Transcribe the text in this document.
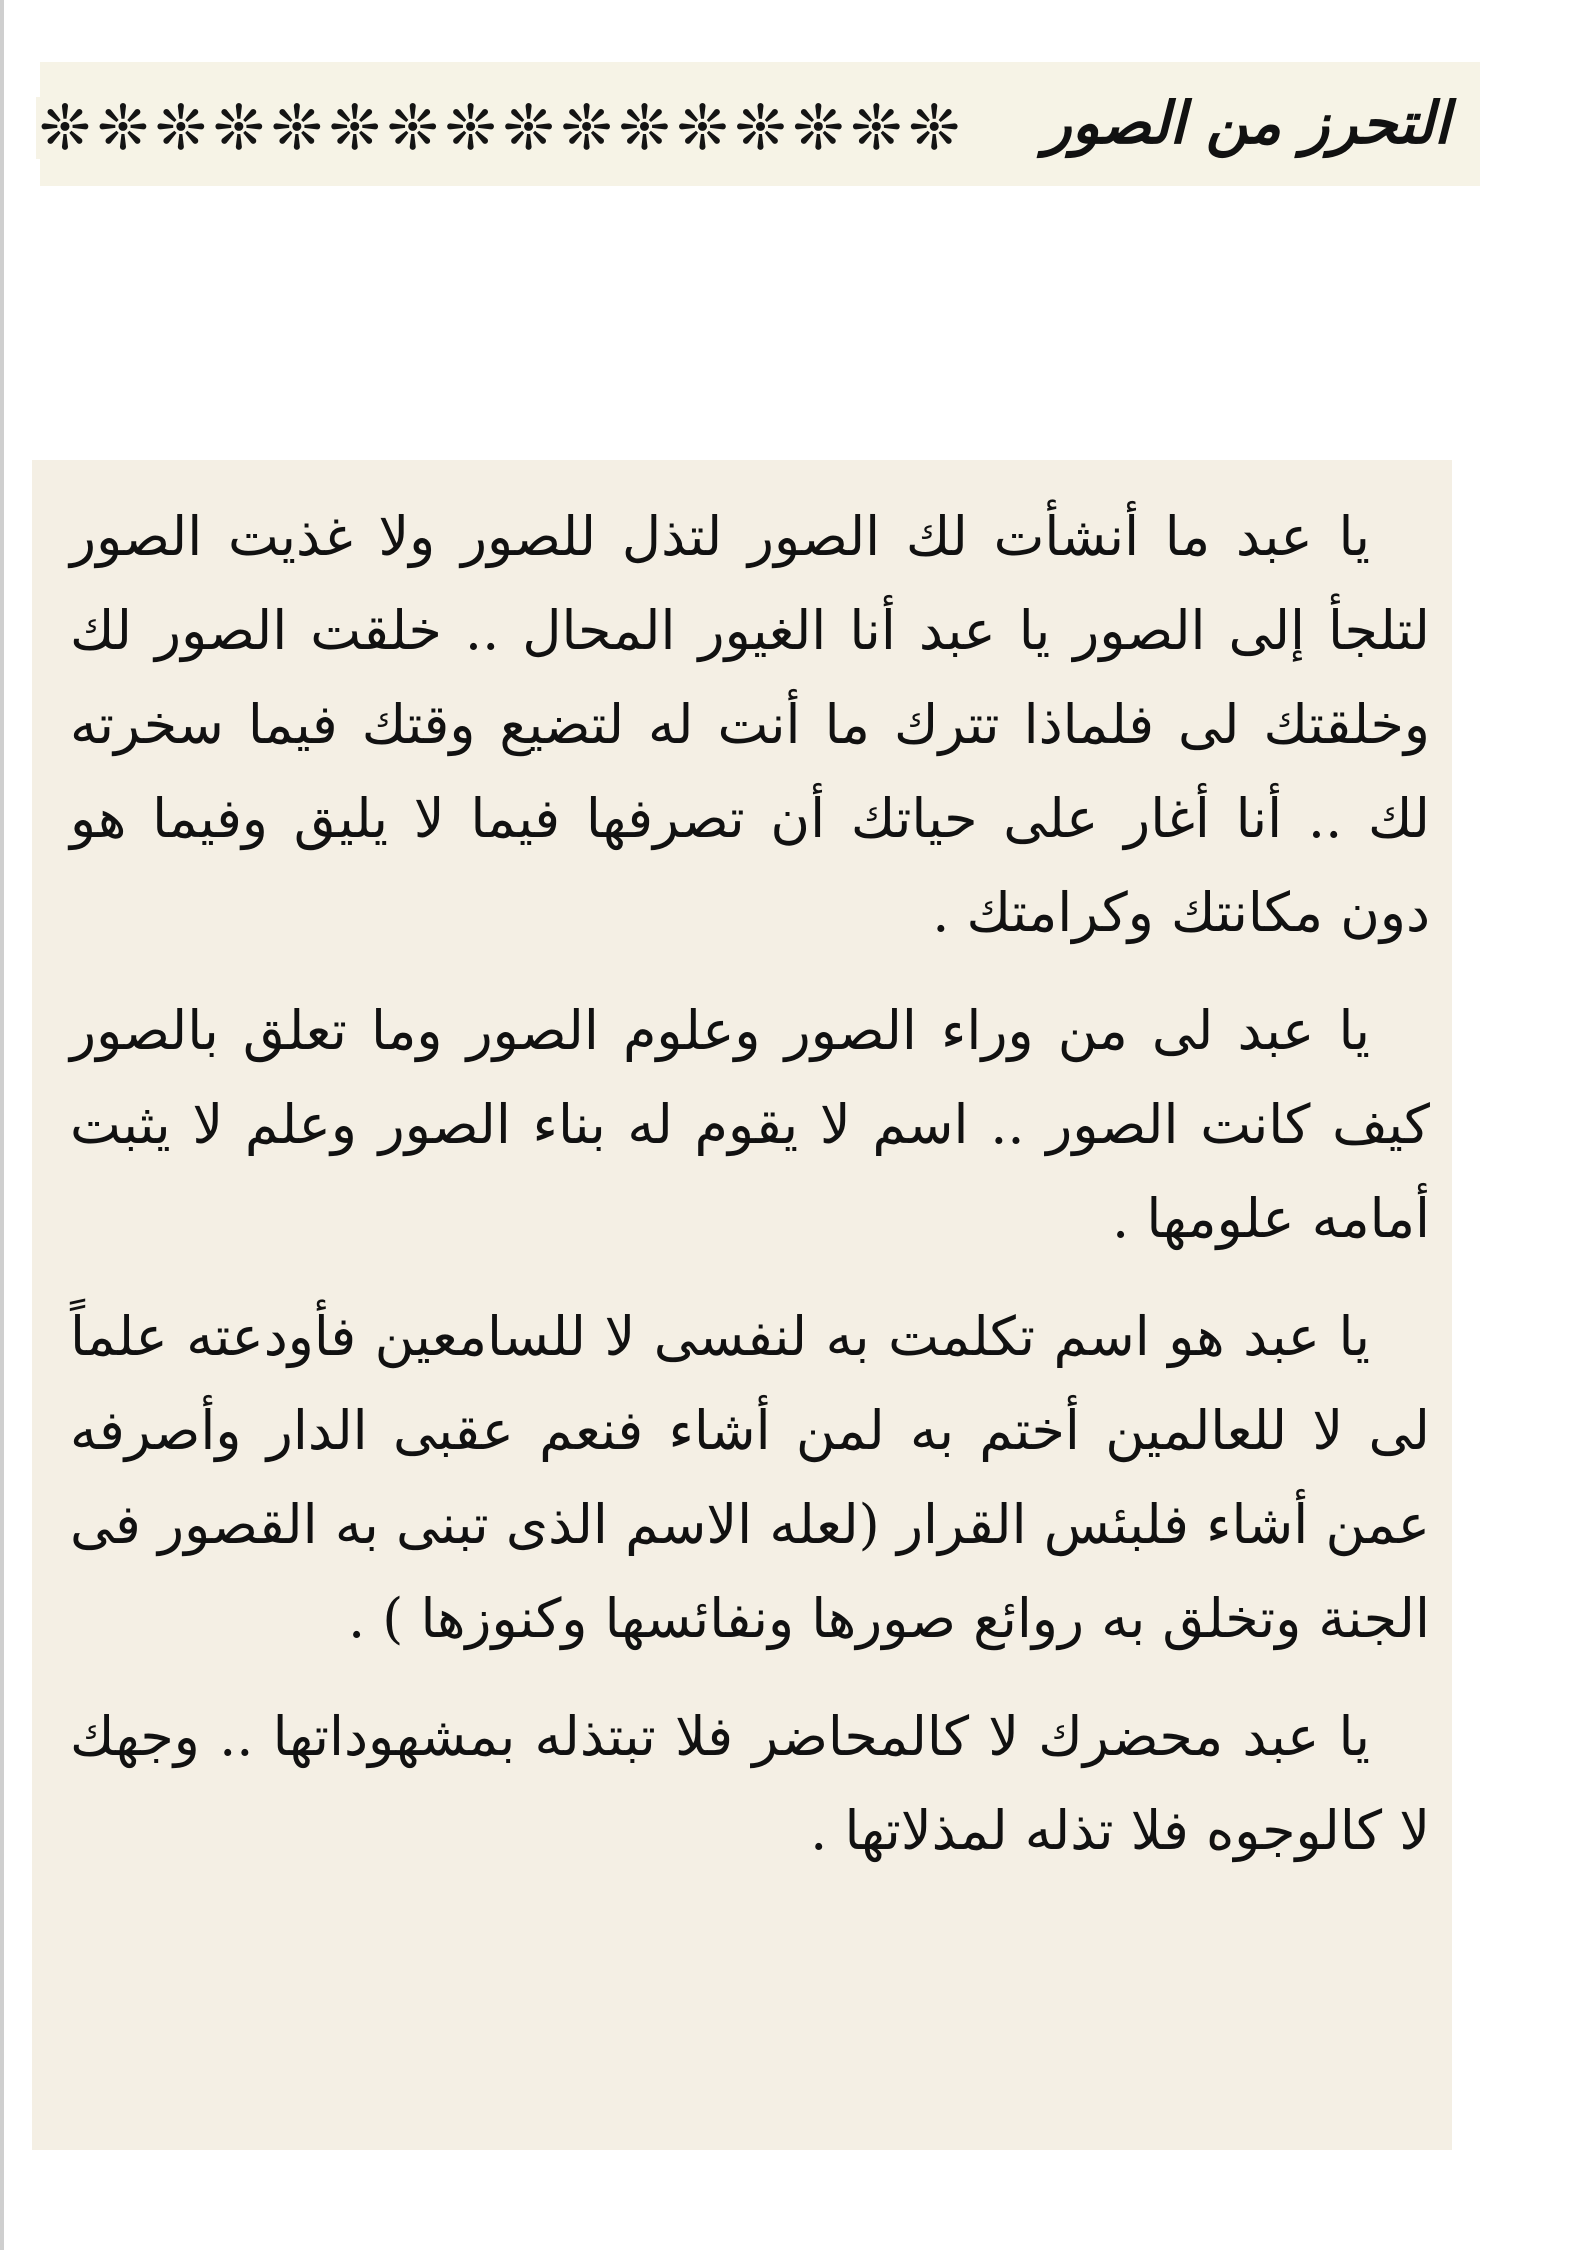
❊ ❊ ❊ ❊ ❊ ❊ ❊ ❊ ❊ ❊ ❊ ❊ ❊ ❊ ❊ ❊	التحرز من الصور

يا عبد ما أنشأت لك الصور لتذل للصور ولا غذيت الصور لتلجأ إلى الصور يا عبد أنا الغيور المحال .. خلقت الصور لك وخلقتك لى فلماذا تترك ما أنت له لتضيع وقتك فيما سخرته لك .. أنا أغار على حياتك أن تصرفها فيما لا يليق وفيما هو دون مكانتك وكرامتك .

يا عبد لى من وراء الصور وعلوم الصور وما تعلق بالصور كيف كانت الصور .. اسم لا يقوم له بناء الصور وعلم لا يثبت أمامه علومها .

يا عبد هو اسم تكلمت به لنفسى لا للسامعين فأودعته علماً لى لا للعالمين أختم به لمن أشاء فنعم عقبى الدار وأصرفه عمن أشاء فلبئس القرار (لعله الاسم الذى تبنى به القصور فى الجنة وتخلق به روائع صورها ونفائسها وكنوزها ) .

يا عبد محضرك لا كالمحاضر فلا تبتذله بمشهوداتها .. وجهك لا كالوجوه فلا تذله لمذلاتها .
